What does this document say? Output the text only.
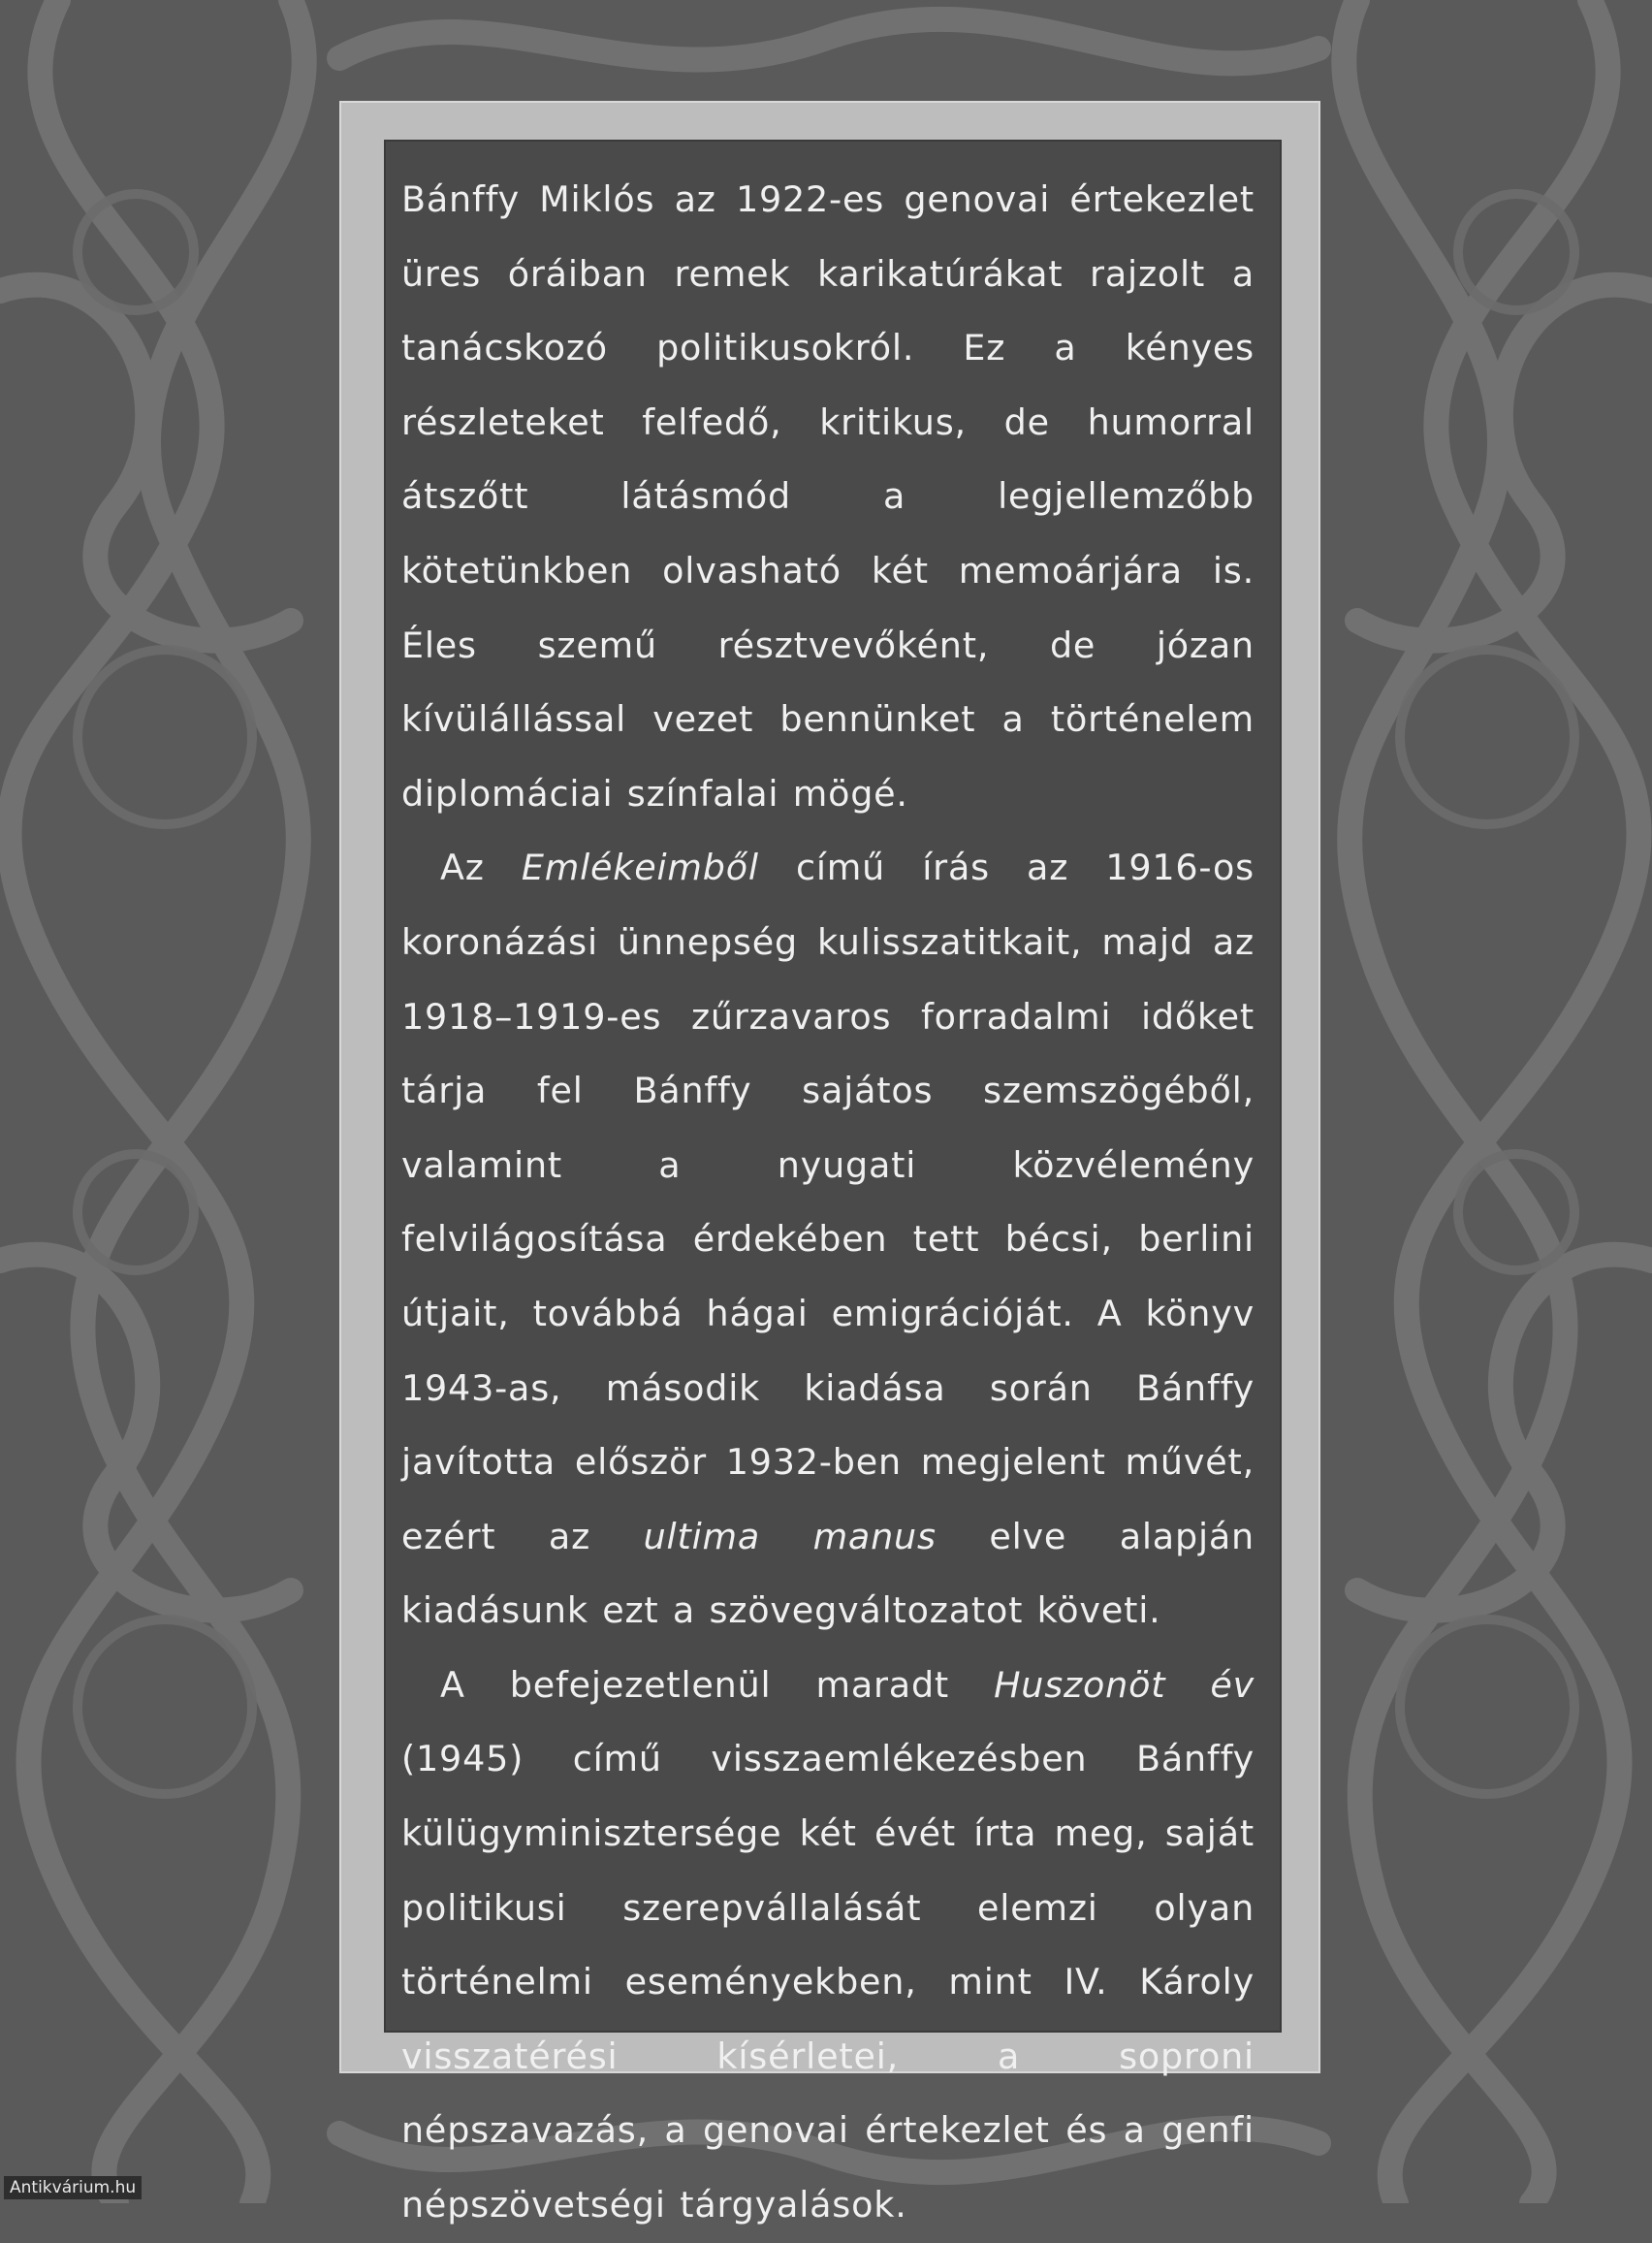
Bánffy Miklós az 1922-es genovai értekezlet üres óráiban remek karikatúrákat rajzolt a tanácskozó politikusokról. Ez a kényes részleteket felfedő, kritikus, de humorral átszőtt látásmód a legjellemzőbb kötetünkben olvasható két memoárjára is. Éles szemű résztvevőként, de józan kívülállással vezet bennünket a történelem diplomáciai színfalai mögé.

Az Emlékeimből című írás az 1916-os koronázási ünnepség kulisszatitkait, majd az 1918–1919-es zűrzavaros forradalmi időket tárja fel Bánffy sajátos szemszögéből, valamint a nyugati közvélemény felvilágosítása érdekében tett bécsi, berlini útjait, továbbá hágai emigrációját. A könyv 1943-as, második kiadása során Bánffy javította először 1932-ben megjelent művét, ezért az ultima manus elve alapján kiadásunk ezt a szövegváltozatot követi.

A befejezetlenül maradt Huszonöt év (1945) című visszaemlékezésben Bánffy külügyminisztersége két évét írta meg, saját politikusi szerepvállalását elemzi olyan történelmi eseményekben, mint IV. Károly visszatérési kísérletei, a soproni népszavazás, a genovai értekezlet és a genfi népszövetségi tárgyalások.

Antikvárium.hu
